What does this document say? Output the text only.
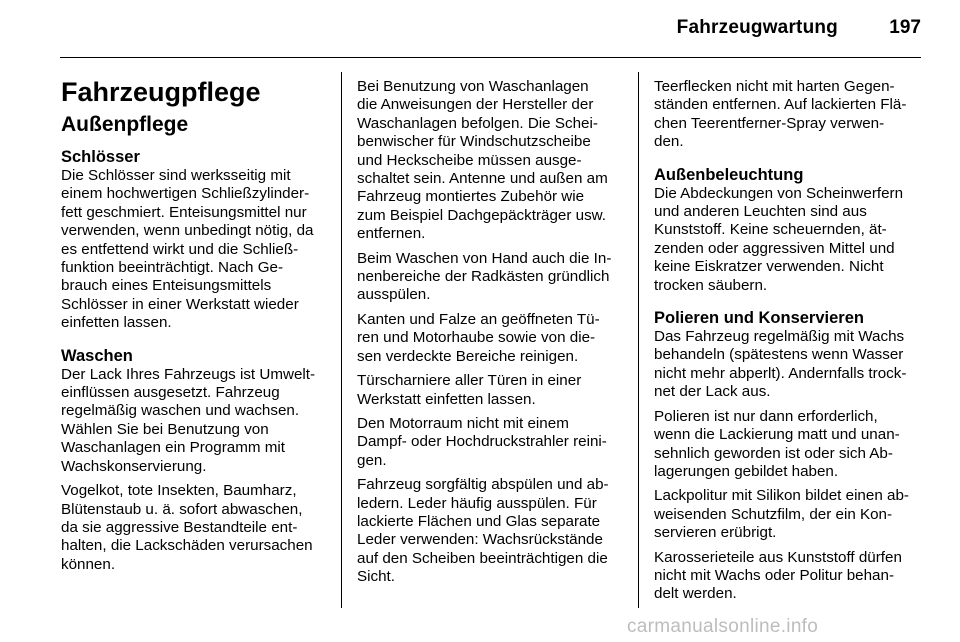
Fahrzeugwartung	197
Fahrzeugpflege
Außenpflege
Schlösser
Die Schlösser sind werksseitig mit
einem hochwertigen Schließzylinder-
fett geschmiert. Enteisungsmittel nur
verwenden, wenn unbedingt nötig, da
es entfettend wirkt und die Schließ-
funktion beeinträchtigt. Nach Ge-
brauch eines Enteisungsmittels
Schlösser in einer Werkstatt wieder
einfetten lassen.
Waschen
Der Lack Ihres Fahrzeugs ist Umwelt-
einflüssen ausgesetzt. Fahrzeug
regelmäßig waschen und wachsen.
Wählen Sie bei Benutzung von
Waschanlagen ein Programm mit
Wachskonservierung.
Vogelkot, tote Insekten, Baumharz,
Blütenstaub u. ä. sofort abwaschen,
da sie aggressive Bestandteile ent-
halten, die Lackschäden verursachen
können.
Bei Benutzung von Waschanlagen
die Anweisungen der Hersteller der
Waschanlagen befolgen. Die Schei-
benwischer für Windschutzscheibe
und Heckscheibe müssen ausge-
schaltet sein. Antenne und außen am
Fahrzeug montiertes Zubehör wie
zum Beispiel Dachgepäckträger usw.
entfernen.
Beim Waschen von Hand auch die In-
nenbereiche der Radkästen gründlich
ausspülen.
Kanten und Falze an geöffneten Tü-
ren und Motorhaube sowie von die-
sen verdeckte Bereiche reinigen.
Türscharniere aller Türen in einer
Werkstatt einfetten lassen.
Den Motorraum nicht mit einem
Dampf- oder Hochdruckstrahler reini-
gen.
Fahrzeug sorgfältig abspülen und ab-
ledern. Leder häufig ausspülen. Für
lackierte Flächen und Glas separate
Leder verwenden: Wachsrückstände
auf den Scheiben beeinträchtigen die
Sicht.
Teerflecken nicht mit harten Gegen-
ständen entfernen. Auf lackierten Flä-
chen Teerentferner-Spray verwen-
den.
Außenbeleuchtung
Die Abdeckungen von Scheinwerfern
und anderen Leuchten sind aus
Kunststoff. Keine scheuernden, ät-
zenden oder aggressiven Mittel und
keine Eiskratzer verwenden. Nicht
trocken säubern.
Polieren und Konservieren
Das Fahrzeug regelmäßig mit Wachs
behandeln (spätestens wenn Wasser
nicht mehr abperlt). Andernfalls trock-
net der Lack aus.
Polieren ist nur dann erforderlich,
wenn die Lackierung matt und unan-
sehnlich geworden ist oder sich Ab-
lagerungen gebildet haben.
Lackpolitur mit Silikon bildet einen ab-
weisenden Schutzfilm, der ein Kon-
servieren erübrigt.
Karosserieteile aus Kunststoff dürfen
nicht mit Wachs oder Politur behan-
delt werden.
carmanualsonline.info
